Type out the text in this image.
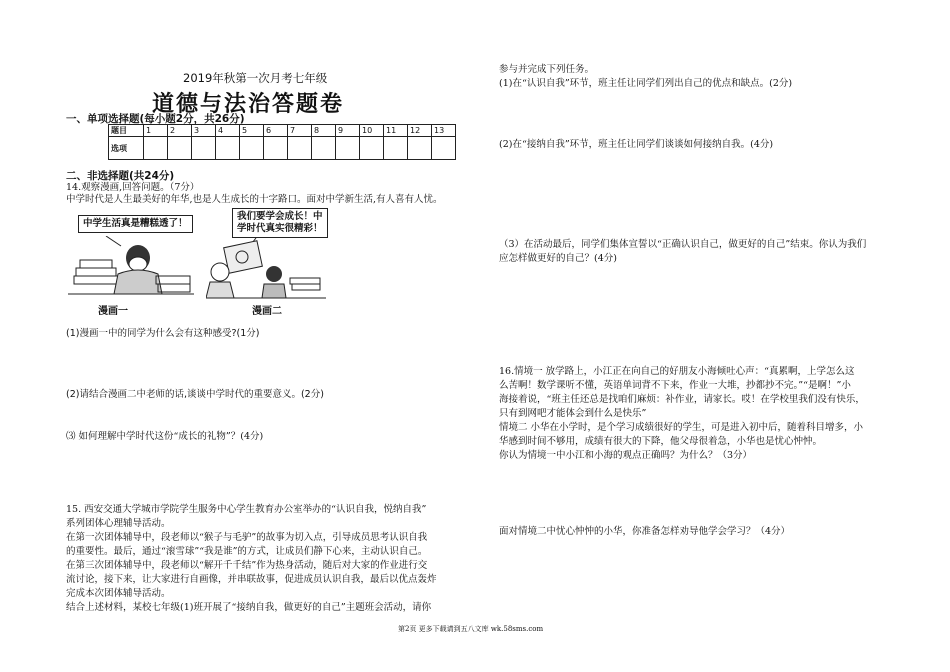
2019年秋第一次月考七年级
道德与法治答题卷
一、单项选择题(每小题2分，共26分)
题目	1	2	3	4	5	6	7	8	9	10	11	12	13
选项													
二、非选择题(共24分)
14.观察漫画,回答问题。（7分）
中学时代是人生最美好的年华,也是人生成长的十字路口。面对中学新生活,有人喜有人忧。
中学生活真是糟糕透了！
漫画一
我们要学会成长！中
学时代真实很精彩！
漫画二
(1)漫画一中的同学为什么会有这种感受?(1分)
(2)请结合漫画二中老师的话,谈谈中学时代的重要意义。(2分)
⑶ 如何理解中学时代这份“成长的礼物”？(4分)
15. 西安交通大学城市学院学生服务中心学生教育办公室举办的“认识自我，悦纳自我”
系列团体心理辅导活动。
在第一次团体辅导中，段老师以“猴子与毛驴”的故事为切入点，引导成员思考认识自我
的重要性。最后，通过“滚雪球”“我是谁”的方式，让成员们静下心来，主动认识自己。
在第三次团体辅导中，段老师以“解开千千结”作为热身活动，随后对大家的作业进行交
流讨论，接下来，让大家进行自画像，并串联故事，促进成员认识自我，最后以优点轰炸
完成本次团体辅导活动。
结合上述材料，某校七年级(1)班开展了“接纳自我，做更好的自己”主题班会活动，请你
参与并完成下列任务。
(1)在“认识自我”环节，班主任让同学们列出自己的优点和缺点。(2分)
(2)在“接纳自我”环节，班主任让同学们谈谈如何接纳自我。(4分)
（3）在活动最后，同学们集体宣誓以“正确认识自己，做更好的自己”结束。你认为我们
应怎样做更好的自己？(4分)
16.情境一 放学路上，小江正在向自己的好朋友小海倾吐心声：“真累啊，上学怎么这
么苦啊！数学课听不懂，英语单词背不下来，作业一大堆，抄都抄不完。”“是啊！”小
海接着说，“班主任还总是找咱们麻烦：补作业，请家长。哎！在学校里我们没有快乐，
只有到网吧才能体会到什么是快乐”
情境二 小华在小学时，是个学习成绩很好的学生，可是进入初中后，随着科目增多，小
华感到时间不够用，成绩有很大的下降，他父母很着急，小华也是忧心忡忡。
你认为情境一中小江和小海的观点正确吗？为什么？（3分）
面对情境二中忧心忡忡的小华，你准备怎样劝导他学会学习？（4分）
第2页 更多下载请到五八文库 wk.58sms.com
